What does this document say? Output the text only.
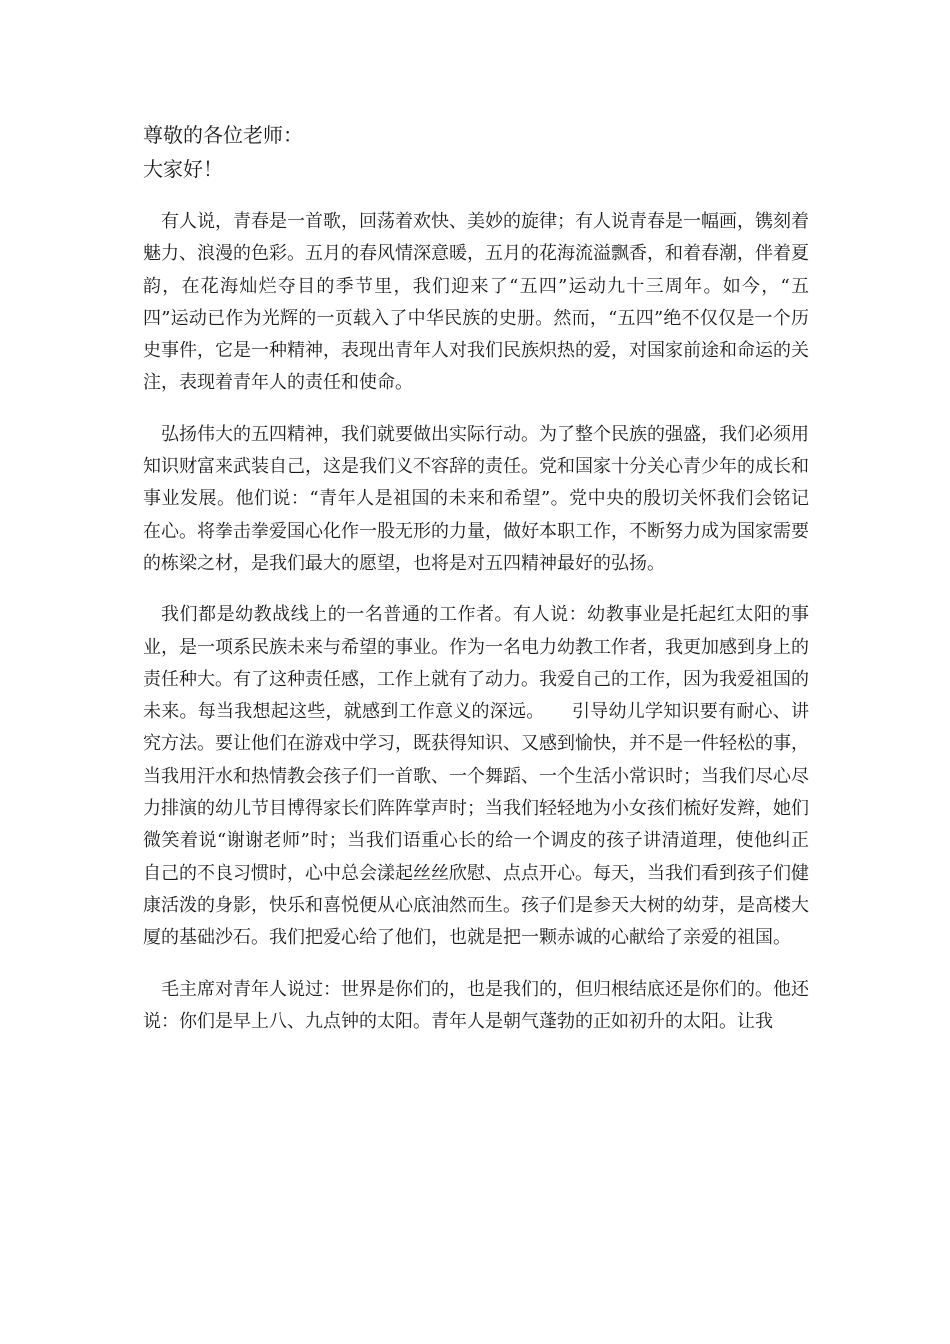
尊敬的各位老师：

大家好！

有人说，青春是一首歌，回荡着欢快、美妙的旋律；有人说青春是一幅画，镌刻着魅力、浪漫的色彩。五月的春风情深意暖，五月的花海流溢飘香，和着春潮，伴着夏韵，在花海灿烂夺目的季节里，我们迎来了“五四”运动九十三周年。如今，“五四”运动已作为光辉的一页载入了中华民族的史册。然而，“五四”绝不仅仅是一个历史事件，它是一种精神，表现出青年人对我们民族炽热的爱，对国家前途和命运的关注，表现着青年人的责任和使命。

弘扬伟大的五四精神，我们就要做出实际行动。为了整个民族的强盛，我们必须用知识财富来武装自己，这是我们义不容辞的责任。党和国家十分关心青少年的成长和事业发展。他们说：“青年人是祖国的未来和希望”。党中央的殷切关怀我们会铭记在心。将拳击拳爱国心化作一股无形的力量，做好本职工作，不断努力成为国家需要的栋梁之材，是我们最大的愿望，也将是对五四精神最好的弘扬。

我们都是幼教战线上的一名普通的工作者。有人说：幼教事业是托起红太阳的事业，是一项系民族未来与希望的事业。作为一名电力幼教工作者，我更加感到身上的责任种大。有了这种责任感，工作上就有了动力。我爱自己的工作，因为我爱祖国的未来。每当我想起这些，就感到工作意义的深远。　　引导幼儿学知识要有耐心、讲究方法。要让他们在游戏中学习，既获得知识、又感到愉快，并不是一件轻松的事，当我用汗水和热情教会孩子们一首歌、一个舞蹈、一个生活小常识时；当我们尽心尽力排演的幼儿节目博得家长们阵阵掌声时；当我们轻轻地为小女孩们梳好发辫，她们微笑着说“谢谢老师”时；当我们语重心长的给一个调皮的孩子讲清道理，使他纠正自己的不良习惯时，心中总会漾起丝丝欣慰、点点开心。每天，当我们看到孩子们健康活泼的身影，快乐和喜悦便从心底油然而生。孩子们是参天大树的幼芽，是高楼大厦的基础沙石。我们把爱心给了他们，也就是把一颗赤诚的心献给了亲爱的祖国。

毛主席对青年人说过：世界是你们的，也是我们的，但归根结底还是你们的。他还说：你们是早上八、九点钟的太阳。青年人是朝气蓬勃的正如初升的太阳。让我
